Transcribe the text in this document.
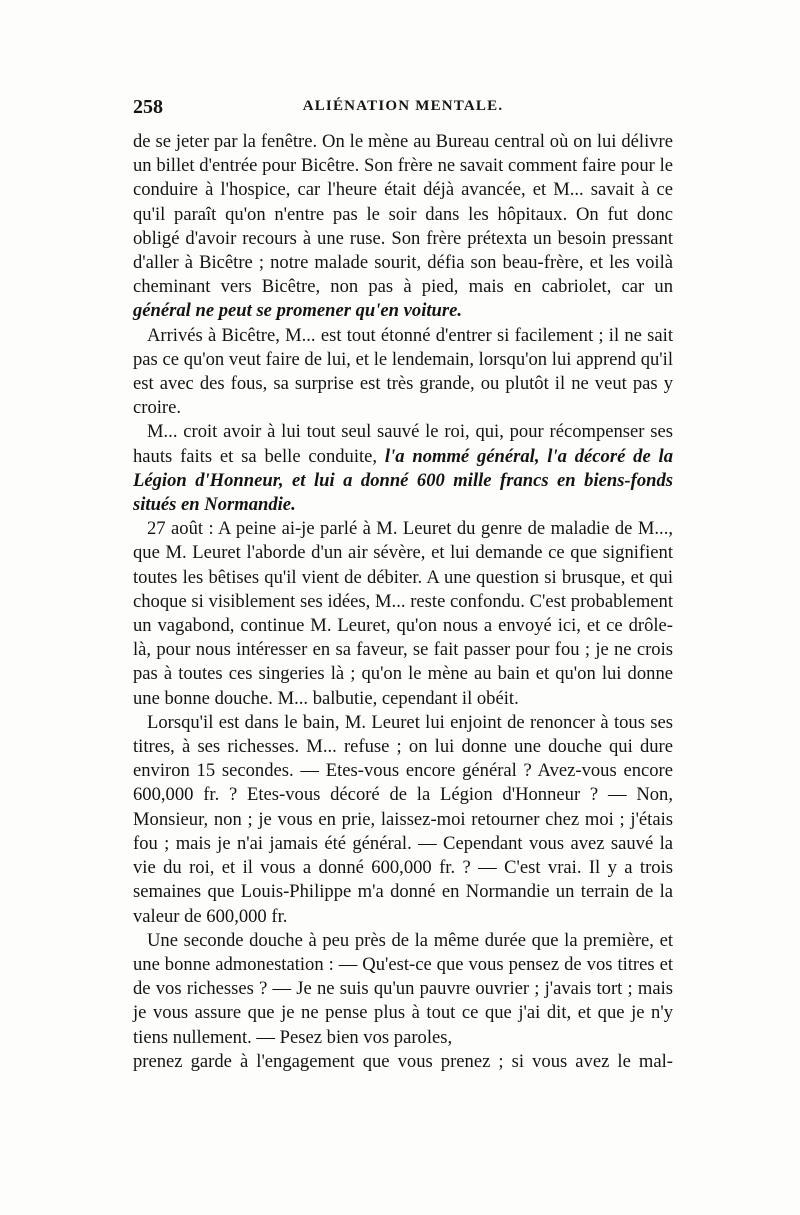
258	ALIÉNATION MENTALE.

de se jeter par la fenêtre. On le mène au Bureau central où on lui délivre un billet d'entrée pour Bicêtre. Son frère ne savait comment faire pour le conduire à l'hospice, car l'heure était déjà avancée, et M... savait à ce qu'il paraît qu'on n'entre pas le soir dans les hôpitaux. On fut donc obligé d'avoir recours à une ruse. Son frère prétexta un besoin pressant d'aller à Bicêtre ; notre malade sourit, défia son beau-frère, et les voilà cheminant vers Bicêtre, non pas à pied, mais en cabriolet, car un général ne peut se promener qu'en voiture.

Arrivés à Bicêtre, M... est tout étonné d'entrer si facilement ; il ne sait pas ce qu'on veut faire de lui, et le lendemain, lorsqu'on lui apprend qu'il est avec des fous, sa surprise est très grande, ou plutôt il ne veut pas y croire.

M... croit avoir à lui tout seul sauvé le roi, qui, pour récompenser ses hauts faits et sa belle conduite, l'a nommé général, l'a décoré de la Légion d'Honneur, et lui a donné 600 mille francs en biens-fonds situés en Normandie.

27 août : A peine ai-je parlé à M. Leuret du genre de maladie de M..., que M. Leuret l'aborde d'un air sévère, et lui demande ce que signifient toutes les bêtises qu'il vient de débiter. A une question si brusque, et qui choque si visiblement ses idées, M... reste confondu. C'est probablement un vagabond, continue M. Leuret, qu'on nous a envoyé ici, et ce drôle-là, pour nous intéresser en sa faveur, se fait passer pour fou ; je ne crois pas à toutes ces singeries là ; qu'on le mène au bain et qu'on lui donne une bonne douche. M... balbutie, cependant il obéit.

Lorsqu'il est dans le bain, M. Leuret lui enjoint de renoncer à tous ses titres, à ses richesses. M... refuse ; on lui donne une douche qui dure environ 15 secondes. — Etes-vous encore général ? Avez-vous encore 600,000 fr. ? Etes-vous décoré de la Légion d'Honneur ? — Non, Monsieur, non ; je vous en prie, laissez-moi retourner chez moi ; j'étais fou ; mais je n'ai jamais été général. — Cependant vous avez sauvé la vie du roi, et il vous a donné 600,000 fr. ? — C'est vrai. Il y a trois semaines que Louis-Philippe m'a donné en Normandie un terrain de la valeur de 600,000 fr.

Une seconde douche à peu près de la même durée que la première, et une bonne admonestation : — Qu'est-ce que vous pensez de vos titres et de vos richesses ? — Je ne suis qu'un pauvre ouvrier ; j'avais tort ; mais je vous assure que je ne pense plus à tout ce que j'ai dit, et que je n'y tiens nullement. — Pesez bien vos paroles,

prenez garde à l'engagement que vous prenez ; si vous avez le mal-
